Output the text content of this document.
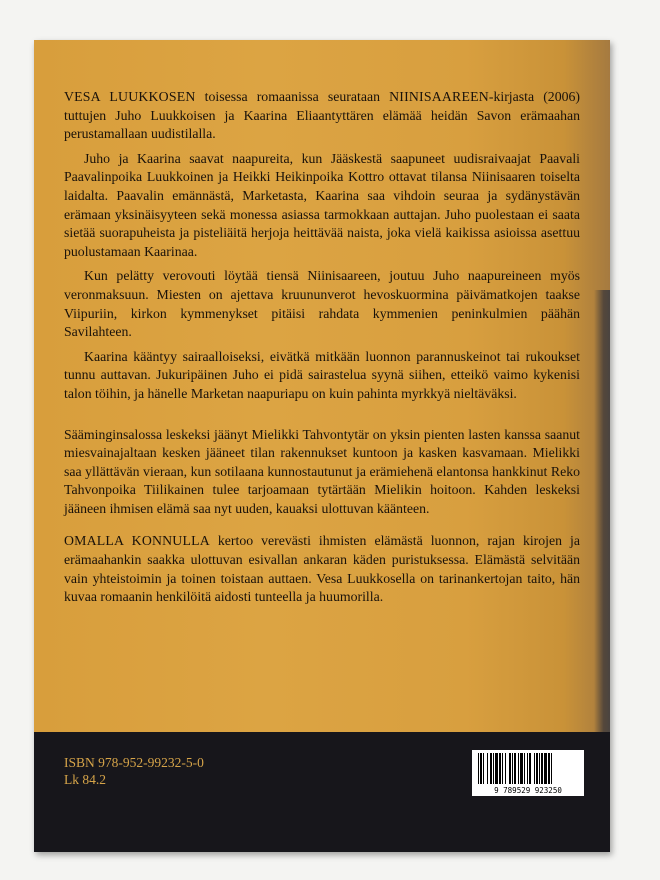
VESA LUUKKOSEN toisessa romaanissa seurataan NIINISAAREEN-kirjasta (2006) tuttujen Juho Luukkoisen ja Kaarina Eliaantyttären elämää heidän Savon erämaahan perustamallaan uudistilalla.

Juho ja Kaarina saavat naapureita, kun Jääskestä saapuneet uudisraivaajat Paavali Paavalinpoika Luukkoinen ja Heikki Heikinpoika Kottro ottavat tilansa Niinisaaren toiselta laidalta. Paavalin emännästä, Marketasta, Kaarina saa vihdoin seuraa ja sydänystävän erämaan yksinäisyyteen sekä monessa asiassa tarmokkaan auttajan. Juho puolestaan ei saata sietää suorapuheista ja pisteliäitä herjoja heittävää naista, joka vielä kaikissa asioissa asettuu puolustamaan Kaarinaa.

Kun pelätty verovouti löytää tiensä Niinisaareen, joutuu Juho naapureineen myös veronmaksuun. Miesten on ajettava kruununverot hevoskuormina päivämatkojen taakse Viipuriin, kirkon kymmenykset pitäisi rahdata kymmenien peninkulmien päähän Savilahteen.

Kaarina kääntyy sairaalloiseksi, eivätkä mitkään luonnon parannuskeinot tai rukoukset tunnu auttavan. Jukuripäinen Juho ei pidä sairastelua syynä siihen, etteikö vaimo kykenisi talon töihin, ja hänelle Marketan naapuriapu on kuin pahinta myrkkyä nieltäväksi.

Sääminginsalossa leskeksi jäänyt Mielikki Tahvontytär on yksin pienten lasten kanssa saanut miesvainajaltaan kesken jääneet tilan rakennukset kuntoon ja kasken kasvamaan. Mielikki saa yllättävän vieraan, kun sotilaana kunnostautunut ja erämiehenä elantonsa hankkinut Reko Tahvonpoika Tiilikainen tulee tarjoamaan tytärtään Mielikin hoitoon. Kahden leskeksi jääneen ihmisen elämä saa nyt uuden, kauaksi ulottuvan käänteen.

OMALLA KONNULLA kertoo verevästi ihmisten elämästä luonnon, rajan kirojen ja erämaahankin saakka ulottuvan esivallan ankaran käden puristuksessa. Elämästä selvitään vain yhteistoimin ja toinen toistaan auttaen. Vesa Luukkosella on tarinankertojan taito, hän kuvaa romaanin henkilöitä aidosti tunteella ja huumorilla.

ISBN 978-952-99232-5-0
Lk 84.2
9 789529 923250
